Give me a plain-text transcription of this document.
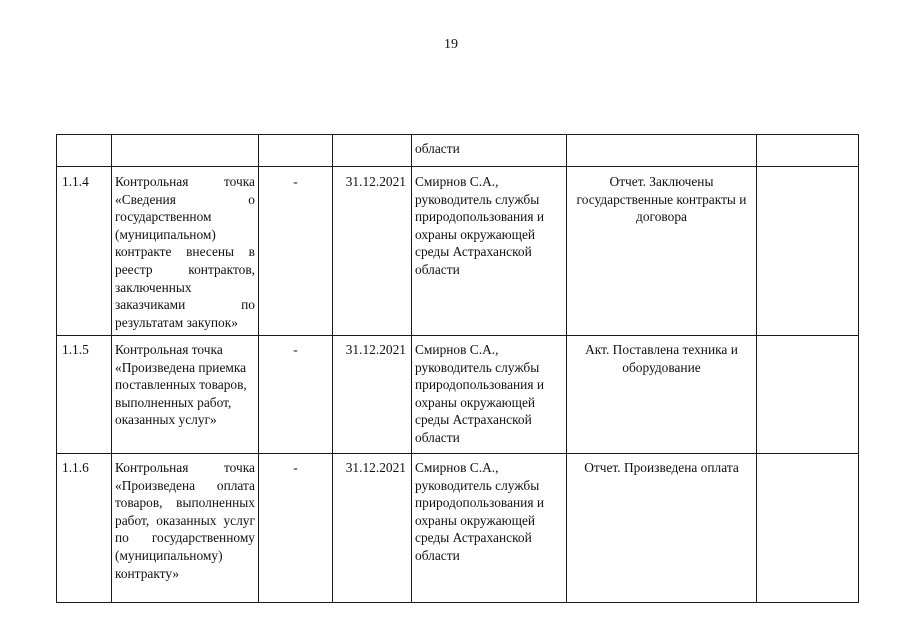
19
				области		
1.1.4	Контрольная точка «Сведения о государственном (муниципальном) контракте внесены в реестр контрактов, заключенных заказчиками по результатам закупок»	-	31.12.2021	Смирнов С.А., руководитель службы природопользования и охраны окружающей среды Астраханской области	Отчет. Заключены государственные контракты и договора	
1.1.5	Контрольная точка «Произведена приемка поставленных товаров, выполненных работ, оказанных услуг»	-	31.12.2021	Смирнов С.А., руководитель службы природопользования и охраны окружающей среды Астраханской области	Акт. Поставлена техника и оборудование	
1.1.6	Контрольная точка «Произведена оплата товаров, выполненных работ, оказанных услуг по государственному (муниципальному) контракту»	-	31.12.2021	Смирнов С.А., руководитель службы природопользования и охраны окружающей среды Астраханской области	Отчет. Произведена оплата	
